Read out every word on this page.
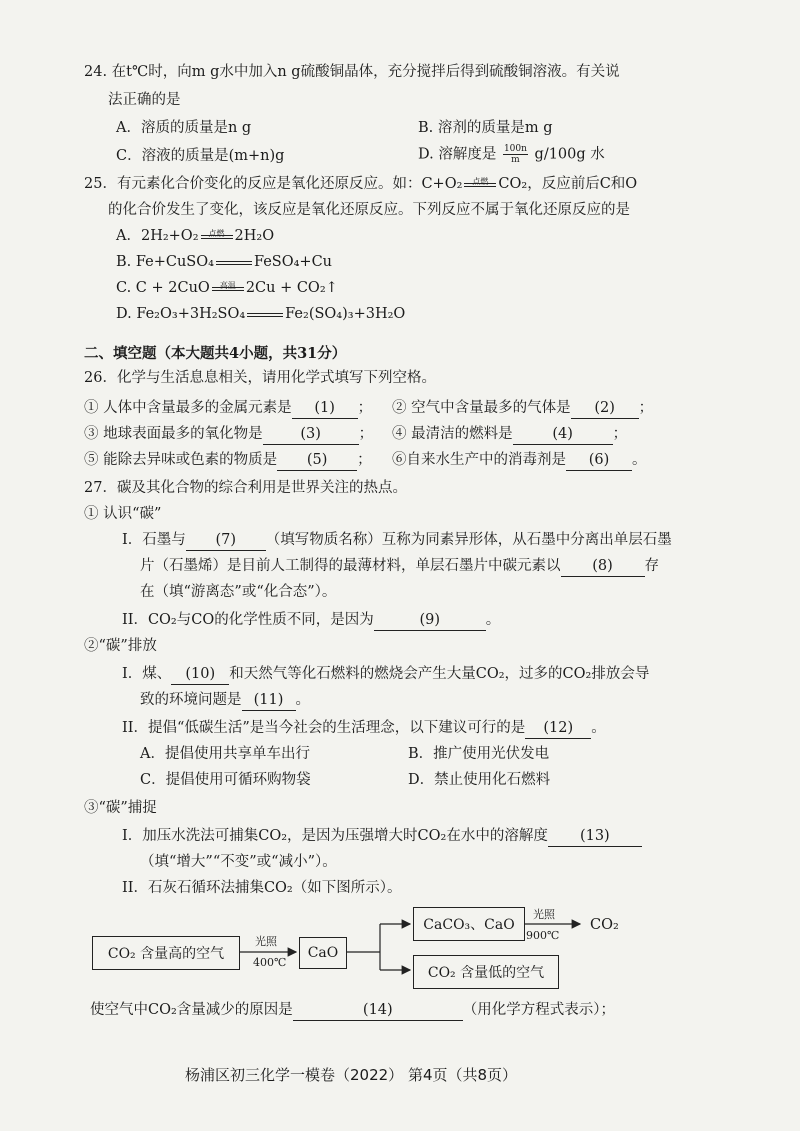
24. 在t℃时，向m g水中加入n g硫酸铜晶体，充分搅拌后得到硫酸铜溶液。有关说
法正确的是
A．溶质的质量是n g	B. 溶剂的质量是m g
C．溶液的质量是(m+n)g	D. 溶解度是 $\frac{100n}{m} g/100g$ 水
25．有元素化合价变化的反应是氧化还原反应。如：C+O₂	点燃 CO₂，反应前后C和O
的化合价发生了变化，该反应是氧化还原反应。下列反应不属于氧化还原反应的是
A．2H₂+O₂	点燃 2H₂O
B. Fe+CuSO₄	FeSO₄+Cu
C. C + 2CuO	高温 2Cu + CO₂↑
D. Fe₂O₃+3H₂SO₄	Fe₂(SO₄)₃+3H₂O
二、填空题（本大题共4小题，共31分）
26．化学与生活息息相关，请用化学式填写下列空格。
① 人体中含量最多的金属元素是 (1) ； ② 空气中含量最多的气体是 (2) ；
③ 地球表面最多的氧化物是	(3)	； ④ 最清洁的燃料是	(4)	；
⑤ 能除去异味或色素的物质是 (5) ； ⑥自来水生产中的消毒剂是 (6) 。
27．碳及其化合物的综合利用是世界关注的热点。
① 认识“碳”
I．石墨与 (7) （填写物质名称）互称为同素异形体，从石墨中分离出单层石墨
片（石墨烯）是目前人工制得的最薄材料，单层石墨片中碳元素以 (8) 存
在（填“游离态”或“化合态”）。
II．CO₂与CO的化学性质不同，是因为	(9)	。
②“碳”排放
I．煤、 (10) 和天然气等化石燃料的燃烧会产生大量CO₂，过多的CO₂排放会导
致的环境问题是 (11) 。
II．提倡“低碳生活”是当今社会的生活理念，以下建议可行的是 (12) 。
A．提倡使用共享单车出行	B．推广使用光伏发电
C．提倡使用可循环购物袋	D．禁止使用化石燃料
③“碳”捕捉
I．加压水洗法可捕集CO₂，是因为压强增大时CO₂在水中的溶解度 (13)
（填“增大”“不变”或“减小”）。
II．石灰石循环法捕集CO₂（如下图所示）。
CO₂ 含量高的空气
光照
400℃
CaO
CaCO₃、CaO
光照
900℃
CO₂
CO₂ 含量低的空气
使空气中CO₂含量减少的原因是	(14)	（用化学方程式表示）；
杨浦区初三化学一模卷（2022） 第4页（共8页）
